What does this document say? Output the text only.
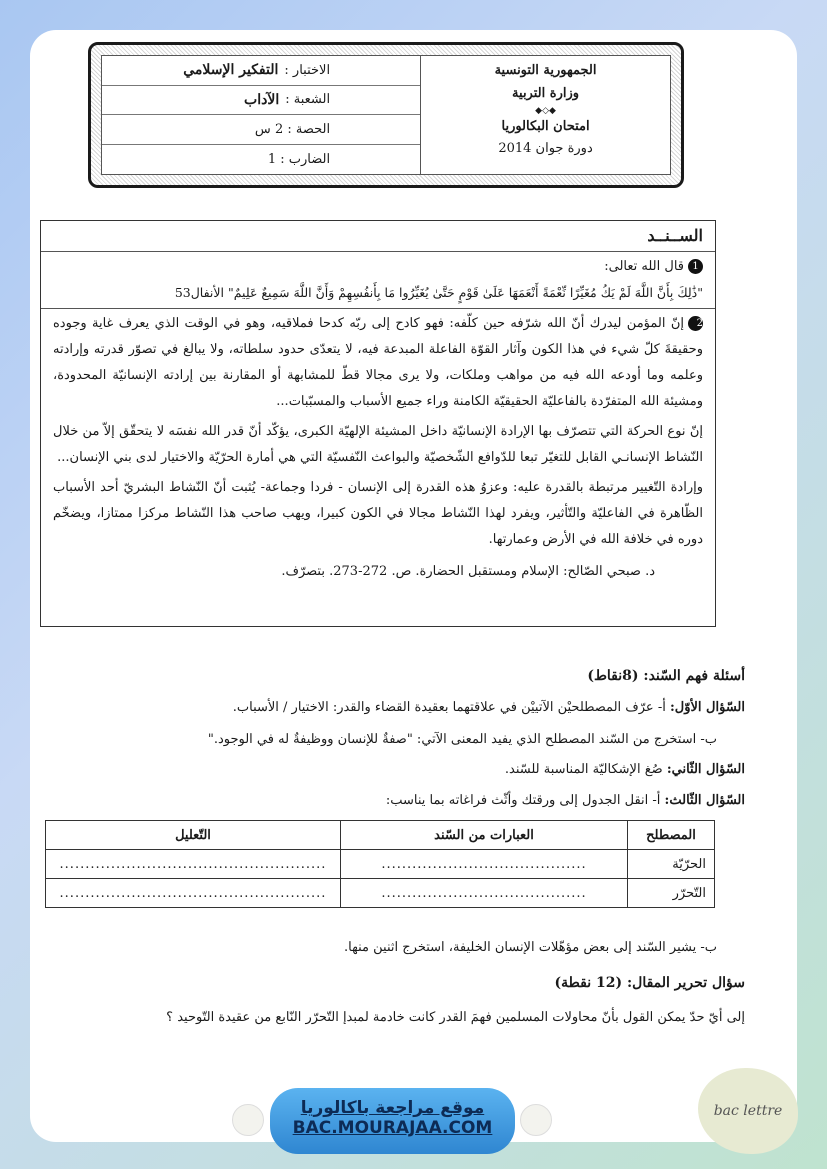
الاختبار :
التفكير الإسلامي
الشعبة :
الآداب
الحصة : 2 س
الضارب : 1
الجمهورية التونسية
وزارة التربية
◆◇◆
امتحان البكالوريا
دورة جوان 2014
الســنــد
1قال الله تعالى:
"ذَٰلِكَ بِأَنَّ اللَّهَ لَمْ يَكُ مُغَيِّرًا نِّعْمَةً أَنْعَمَهَا عَلَىٰ قَوْمٍ حَتَّىٰ يُغَيِّرُوا مَا بِأَنفُسِهِمْ وَأَنَّ اللَّهَ سَمِيعٌ عَلِيمٌ" الأنفال53
2إنّ المؤمن ليدرك أنّ الله شرّفه حين كلّفه: فهو كادح إلى ربّه كدحا فملاقيه، وهو في الوقت الذي يعرف غاية وجوده وحقيقةَ كلّ شيء في هذا الكون وآثار القوّة الفاعلة المبدعة فيه، لا يتعدّى حدود سلطاته، ولا يبالغ في تصوّر قدرته وإرادته وعلمه وما أودعه الله فيه من مواهب وملكات، ولا يرى مجالا قطّ للمشابهة أو المقارنة بين إرادته الإنسانيّة المحدودة، ومشيئة الله المتفرّدة بالفاعليّة الحقيقيّة الكامنة وراء جميع الأسباب والمسبّبات...
إنّ نوع الحركة التي تتصرّف بها الإرادة الإنسانيّة داخل المشيئة الإلهيّة الكبرى، يؤكّد أنّ قدر الله نفسَه لا يتحقّق إلاّ من خلال النّشاط الإنسانـي القابل للتغيّر تبعا للدّوافع الشّخصيّة والبواعث النّفسيّة التي هي أمارة الحرّيّة والاختيار لدى بني الإنسان...
وإرادة التّغيير مرتبطة بالقدرة عليه: وعزوُ هذه القدرة إلى الإنسان - فردا وجماعة- يُثبت أنّ النّشاط البشريّ أحد الأسباب الظّاهرة في الفاعليّة والتّأثير، ويفرد لهذا النّشاط مجالا في الكون كبيرا، ويهب صاحب هذا النّشاط مركزا ممتازا، ويضخّم دوره في خلافة الله في الأرض وعمارتها.
د. صبحي الصّالح: الإسلام ومستقبل الحضارة. ص. 272-273. بتصرّف.
أسئلة فهم السّند: (8نقاط)
السّؤال الأوّل: أ- عرّف المصطلحيْن الآتييْن في علاقتهما بعقيدة القضاء والقدر: الاختيار / الأسباب.
ب- استخرج من السّند المصطلح الذي يفيد المعنى الآتي: "صفةٌ للإنسان ووظيفةٌ له في الوجود."
السّؤال الثّاني: صُغ الإشكاليّة المناسبة للسّند.
السّؤال الثّالث: أ- انقل الجدول إلى ورقتك وأثّث فراغاته بما يناسب:
المصطلح	العبارات من السّند	التّعليل
الحرّيّة	........................................	....................................................
التّحرّر	........................................	....................................................
ب- يشير السّند إلى بعض مؤهّلات الإنسان الخليفة، استخرج اثنين منها.
سؤال تحرير المقال: (12 نقطة)
إلى أيّ حدّ يمكن القول بأنّ محاولات المسلمين فهمَ القدر كانت خادمة لمبدإ التّحرّر النّابع من عقيدة التّوحيد ؟
موقع مراجعة باكالوريا
BAC.MOURAJAA.COM
bac lettre
